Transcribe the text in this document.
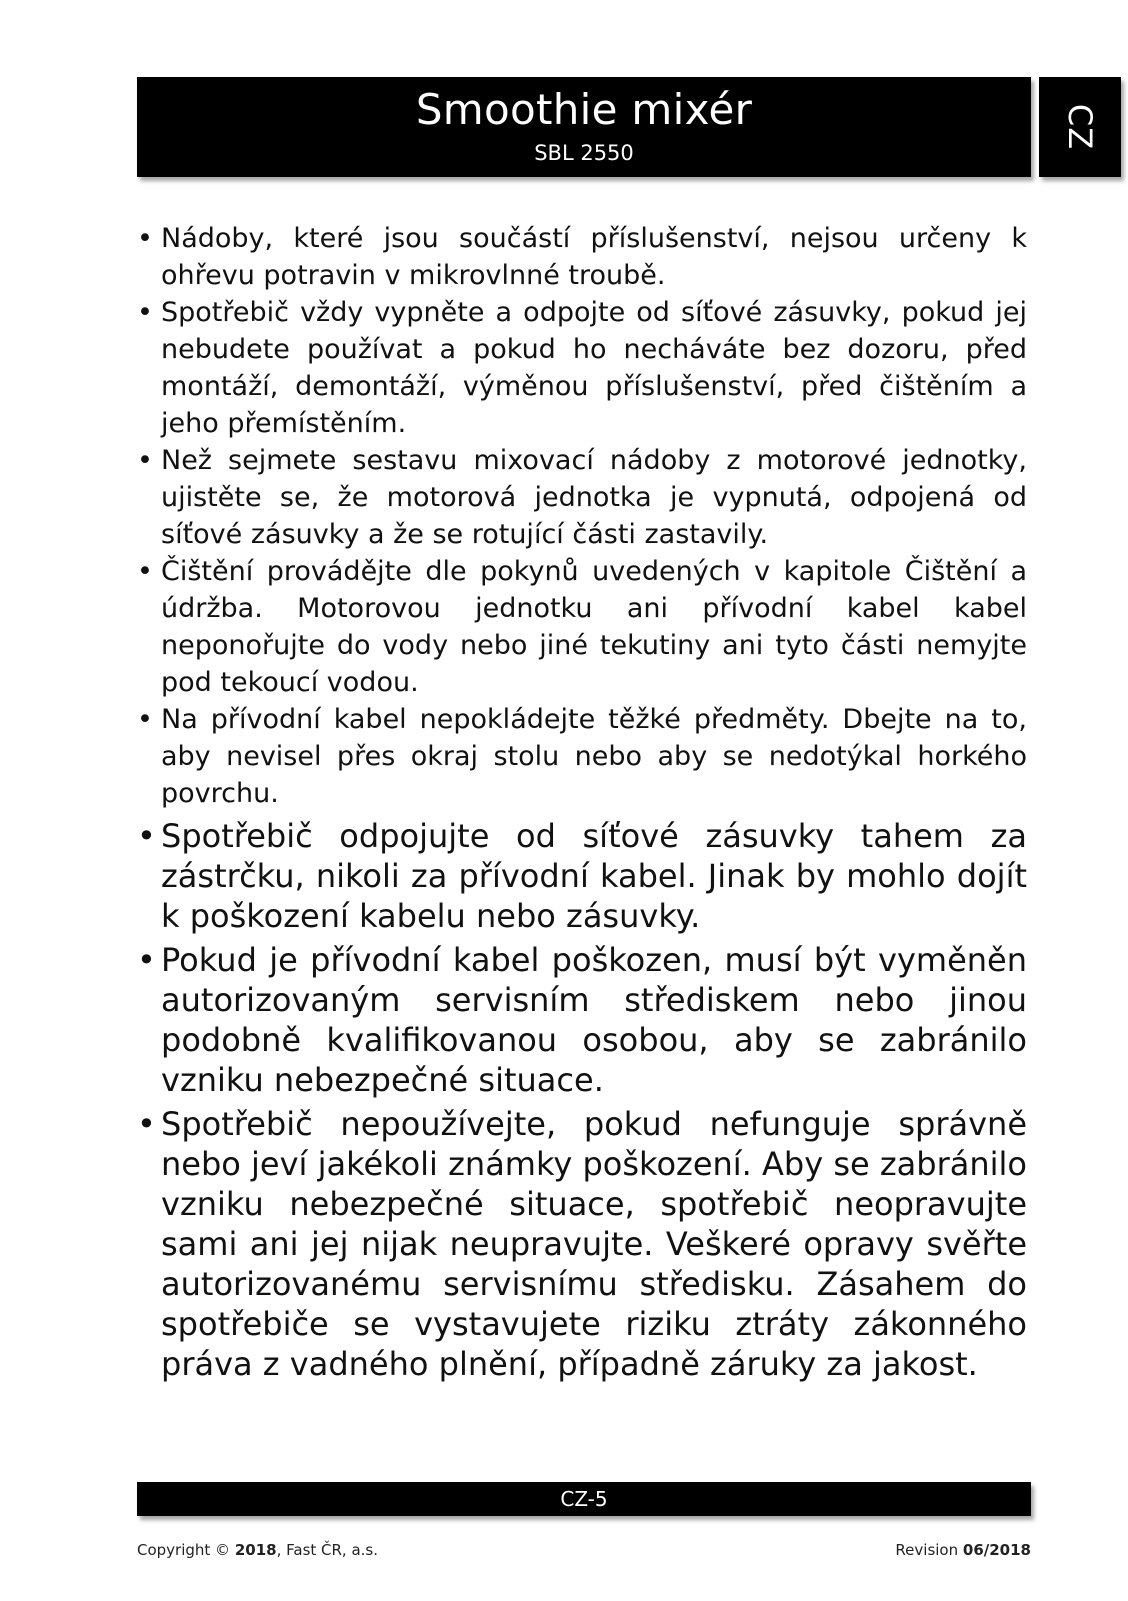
Smoothie mixér
SBL 2550
CZ
• Nádoby, které jsou součástí příslušenství, nejsou určeny k ohřevu potravin v mikrovlnné troubě.
• Spotřebič vždy vypněte a odpojte od síťové zásuvky, pokud jej nebudete používat a pokud ho necháváte bez dozoru, před montáží, demontáží, výměnou příslušenství, před čištěním a jeho přemístěním.
• Než sejmete sestavu mixovací nádoby z motorové jednotky, ujistěte se, že motorová jednotka je vypnutá, odpojená od síťové zásuvky a že se rotující části zastavily.
• Čištění provádějte dle pokynů uvedených v kapitole Čištění a údržba. Motorovou jednotku ani přívodní kabel kabel neponořujte do vody nebo jiné tekutiny ani tyto části nemyjte pod tekoucí vodou.
• Na přívodní kabel nepokládejte těžké předměty. Dbejte na to, aby nevisel přes okraj stolu nebo aby se nedotýkal horkého povrchu.
• Spotřebič odpojujte od síťové zásuvky tahem za zástrčku, nikoli za přívodní kabel. Jinak by mohlo dojít k poškození kabelu nebo zásuvky.
• Pokud je přívodní kabel poškozen, musí být vyměněn autorizovaným servisním střediskem nebo jinou podobně kvalifikovanou osobou, aby se zabránilo vzniku nebezpečné situace.
• Spotřebič nepoužívejte, pokud nefunguje správně nebo jeví jakékoli známky poškození. Aby se zabránilo vzniku nebezpečné situace, spotřebič neopravujte sami ani jej nijak neupravujte. Veškeré opravy svěřte autorizovanému servisnímu středisku. Zásahem do spotřebiče se vystavujete riziku ztráty zákonného práva z vadného plnění, případně záruky za jakost.
CZ-5
Copyright © 2018, Fast ČR, a.s.	Revision 06/2018
